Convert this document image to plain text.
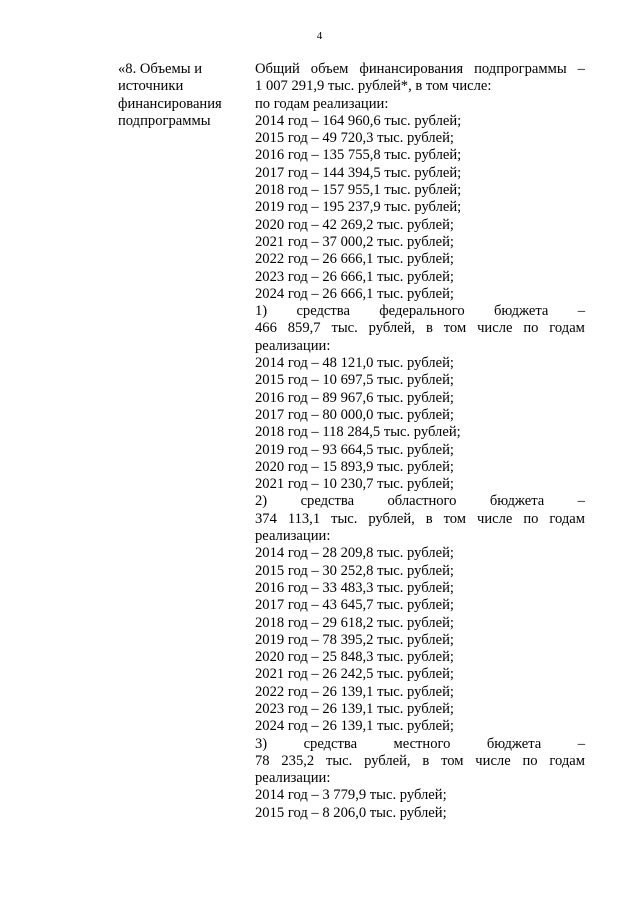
4
«8. Объемы и
источники
финансирования
подпрограммы
Общий объем финансирования подпрограммы –
1 007 291,9 тыс. рублей*, в том числе:
по годам реализации:
2014 год – 164 960,6 тыс. рублей;
2015 год – 49 720,3 тыс. рублей;
2016 год – 135 755,8 тыс. рублей;
2017 год – 144 394,5 тыс. рублей;
2018 год – 157 955,1 тыс. рублей;
2019 год – 195 237,9 тыс. рублей;
2020 год – 42 269,2 тыс. рублей;
2021 год – 37 000,2 тыс. рублей;
2022 год – 26 666,1 тыс. рублей;
2023 год – 26 666,1 тыс. рублей;
2024 год – 26 666,1 тыс. рублей;
1) средства федерального бюджета –
466 859,7 тыс. рублей, в том числе по годам
реализации:
2014 год – 48 121,0 тыс. рублей;
2015 год – 10 697,5 тыс. рублей;
2016 год – 89 967,6 тыс. рублей;
2017 год – 80 000,0 тыс. рублей;
2018 год – 118 284,5 тыс. рублей;
2019 год – 93 664,5 тыс. рублей;
2020 год – 15 893,9 тыс. рублей;
2021 год – 10 230,7 тыс. рублей;
2) средства областного бюджета –
374 113,1 тыс. рублей, в том числе по годам
реализации:
2014 год – 28 209,8 тыс. рублей;
2015 год – 30 252,8 тыс. рублей;
2016 год – 33 483,3 тыс. рублей;
2017 год – 43 645,7 тыс. рублей;
2018 год – 29 618,2 тыс. рублей;
2019 год – 78 395,2 тыс. рублей;
2020 год – 25 848,3 тыс. рублей;
2021 год – 26 242,5 тыс. рублей;
2022 год – 26 139,1 тыс. рублей;
2023 год – 26 139,1 тыс. рублей;
2024 год – 26 139,1 тыс. рублей;
3) средства местного бюджета –
78 235,2 тыс. рублей, в том числе по годам
реализации:
2014 год – 3 779,9 тыс. рублей;
2015 год – 8 206,0 тыс. рублей;
